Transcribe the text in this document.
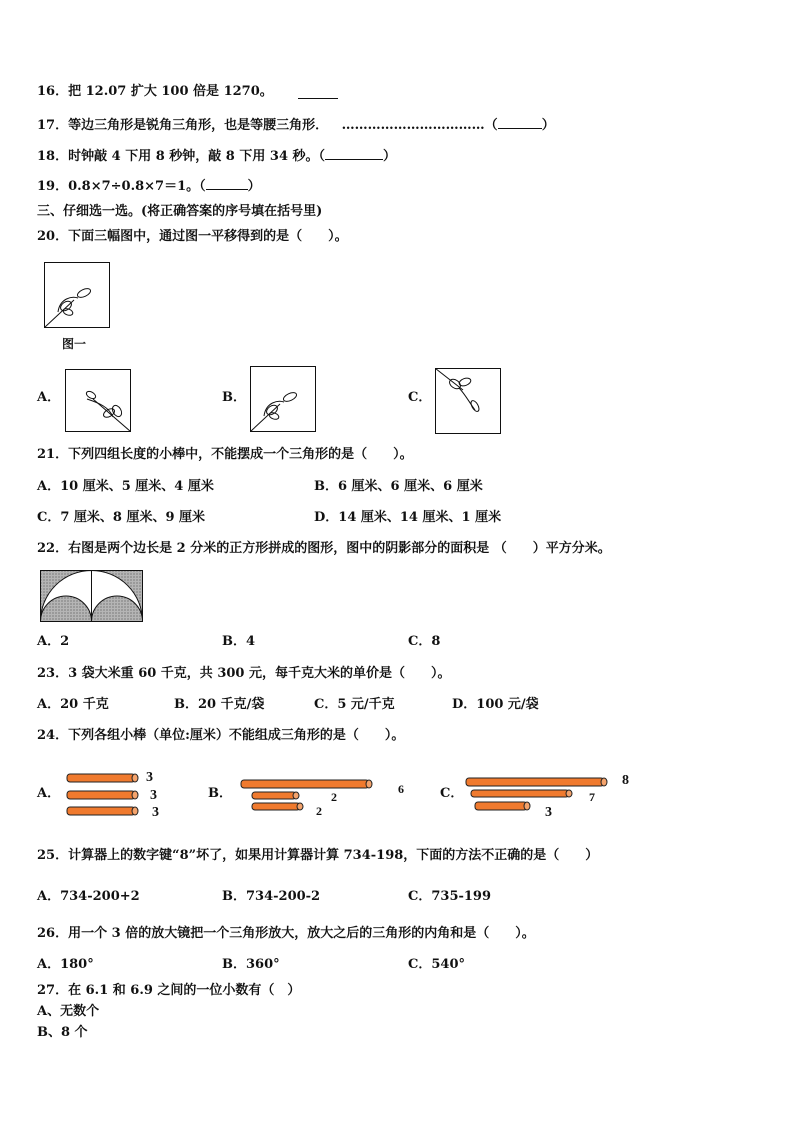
16．把 12.07 扩大 100 倍是 1270。
17．等边三角形是锐角三角形，也是等腰三角形． ……………………………（	）
18．时钟敲 4 下用 8 秒钟，敲 8 下用 34 秒。（	）
19．0.8×7÷0.8×7＝1。（	）
三、仔细选一选。(将正确答案的序号填在括号里)
20．下面三幅图中，通过图一平移得到的是（　　）。
图一
A．	B．	C．
21．下列四组长度的小棒中，不能摆成一个三角形的是（　　）。
A．10 厘米、5 厘米、4 厘米	B．6 厘米、6 厘米、6 厘米
C．7 厘米、8 厘米、9 厘米	D．14 厘米、14 厘米、1 厘米
22．右图是两个边长是 2 分米的正方形拼成的图形，图中的阴影部分的面积是 （　　）平方分米。
A．2	B．4	C．8
23．3 袋大米重 60 千克，共 300 元，每千克大米的单价是（　　）。
A．20 千克	B．20 千克/袋	C．5 元/千克	D．100 元/袋
24．下列各组小棒（单位:厘米）不能组成三角形的是（　　）。
A．
3
3
3
B．	6
2
2
C．
8
7
3
25．计算器上的数字键“8”坏了，如果用计算器计算 734-198，下面的方法不正确的是（　　）
A．734-200+2	B．734-200-2	C．735-199
26．用一个 3 倍的放大镜把一个三角形放大，放大之后的三角形的内角和是（　　）。
A．180°	B．360°	C．540°
27．在 6.1 和 6.9 之间的一位小数有（　）
A、无数个
B、8 个
